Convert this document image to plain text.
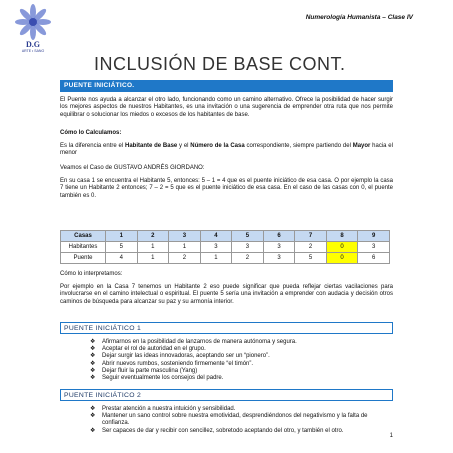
D.G
ARTE • SANO
Numerología Humanista – Clase IV
INCLUSIÓN DE BASE CONT.
PUENTE INICIÁTICO.
El Puente nos ayuda a alcanzar el otro lado, funcionando como un camino alternativo. Ofrece la posibilidad de hacer surgir los mejores aspectos de nuestros Habitantes, es una invitación o una sugerencia de emprender otra ruta que nos permite equilibrar o solucionar los miedos o excesos de los habitantes de base.
Cómo lo Calculamos:
Es la diferencia entre el Habitante de Base y el Número de la Casa correspondiente, siempre partiendo del Mayor hacia el menor
Veamos el Caso de GUSTAVO ANDRÉS GIORDANO:
En su casa 1 se encuentra el Habitante 5, entonces: 5 – 1 = 4 que es el puente iniciático de esa casa. O por ejemplo la casa 7 tiene un Habitante 2 entonces; 7 – 2 = 5 que es el puente iniciático de esa casa. En el caso de las casas con 0, el puente también es 0.
Casas	1	2	3	4	5	6	7	8	9
Habitantes	5	1	1	3	3	3	2	0	3
Puente	4	1	2	1	2	3	5	0	6
Cómo lo interpretamos:
Por ejemplo en la Casa 7 tenemos un Habitante 2 eso puede significar que pueda reflejar ciertas vacilaciones para involucrarse en el camino intelectual o espiritual. El puente 5 sería una invitación a emprender con audacia y decisión otros caminos de búsqueda para alcanzar su paz y su armonía interior.
PUENTE INICIÁTICO 1
❖ Afirmarnos en la posibilidad de lanzarnos de manera autónoma y segura.
❖ Aceptar el rol de autoridad en el grupo.
❖ Dejar surgir las ideas innovadoras, aceptando ser un “pionero”.
❖ Abrir nuevos rumbos, sosteniendo firmemente “el timón”.
❖ Dejar fluir la parte masculina (Yang)
❖ Seguir eventualmente los consejos del padre.
PUENTE INICIÁTICO 2
❖ Prestar atención a nuestra intuición y sensibilidad.
❖ Mantener un sano control sobre nuestra emotividad, desprendiéndonos del negativismo y la falta de confianza.
❖ Ser capaces de dar y recibir con sencillez, sobretodo aceptando del otro, y también el otro.
1
